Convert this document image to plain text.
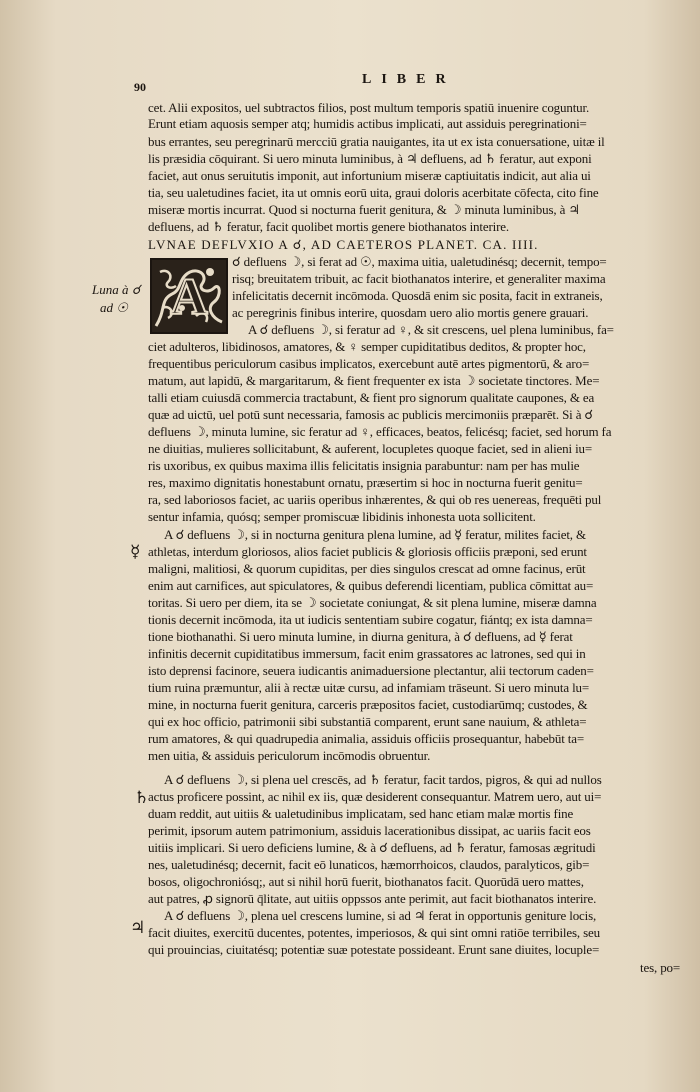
90	LIBER
A
Luna à ☌
ad ☉
☿
♄
♃
cet. Alii expositos, uel subtractos filios, post multum temporis spatiū inuenire coguntur.
Erunt etiam aquosis semper atq; humidis actibus implicati, aut assiduis peregrinationi=
bus errantes, seu peregrinarū mercciū gratia nauigantes, ita ut ex ista conuersatione, uitæ il
lis præsidia cōquirant. Si uero minuta luminibus, à ♃ defluens, ad ♄ feratur, aut exponi
faciet, aut onus seruitutis imponit, aut infortunium miseræ captiuitatis indicit, aut alia ui
tia, seu ualetudines faciet, ita ut omnis eorū uita, graui doloris acerbitate cōfecta, cito fine
miseræ mortis incurrat. Quod si nocturna fuerit genitura, & ☽ minuta luminibus, à ♃
defluens, ad ♄ feratur, facit quolibet mortis genere biothanatos interire.
LVNAE DEFLVXIO A ☌, AD CAETEROS PLANET. CA. IIII.
☌ defluens ☽, si ferat ad ☉, maxima uitia, ualetudinésq; decernit, tempo=
risq; breuitatem tribuit, ac facit biothanatos interire, et generaliter maxima
infelicitatis decernit incōmoda. Quosdā enim sic posita, facit in extraneis,
ac peregrinis finibus interire, quosdam uero alio mortis genere grauari.
A ☌ defluens ☽, si feratur ad ♀, & sit crescens, uel plena luminibus, fa=
ciet adulteros, libidinosos, amatores, & ♀ semper cupiditatibus deditos, & propter hoc,
frequentibus periculorum casibus implicatos, exercebunt autē artes pigmentorū, & aro=
matum, aut lapidū, & margaritarum, & fient frequenter ex ista ☽ societate tinctores. Me=
talli etiam cuiusdā commercia tractabunt, & fient pro signorum qualitate caupones, & ea
quæ ad uictū, uel potū sunt necessaria, famosis ac publicis mercimoniis præparēt. Si à ☌
defluens ☽, minuta lumine, sic feratur ad ♀, efficaces, beatos, felicésq; faciet, sed horum fa
ne diuitias, mulieres sollicitabunt, & auferent, locupletes quoque faciet, sed in alieni iu=
ris uxoribus, ex quibus maxima illis felicitatis insignia parabuntur: nam per has mulie
res, maximo dignitatis honestabunt ornatu, præsertim si hoc in nocturna fuerit genitu=
ra, sed laboriosos faciet, ac uariis operibus inhærentes, & qui ob res uenereas, frequēti pul
sentur infamia, quósq; semper promiscuæ libidinis inhonesta uota sollicitent.
A ☌ defluens ☽, si in nocturna genitura plena lumine, ad ☿ feratur, milites faciet, &
athletas, interdum gloriosos, alios faciet publicis & gloriosis officiis præponi, sed erunt
maligni, malitiosi, & quorum cupiditas, per dies singulos crescat ad omne facinus, erūt
enim aut carnifices, aut spiculatores, & quibus deferendi licentiam, publica cōmittat au=
toritas. Si uero per diem, ita se ☽ societate coniungat, & sit plena lumine, miseræ damna
tionis decernit incōmoda, ita ut iudicis sententiam subire cogatur, fiántq; ex ista damna=
tione biothanathi. Si uero minuta lumine, in diurna genitura, à ☌ defluens, ad ☿ ferat
infinitis decernit cupiditatibus immersum, facit enim grassatores ac latrones, sed qui in
isto deprensi facinore, seuera iudicantis animaduersione plectantur, alii tectorum caden=
tium ruina præmuntur, alii à rectæ uitæ cursu, ad infamiam trāseunt. Si uero minuta lu=
mine, in nocturna fuerit genitura, carceris præpositos faciet, custodiarūmq; custodes, &
qui ex hoc officio, patrimonii sibi substantiā comparent, erunt sane nauium, & athleta=
rum amatores, & qui quadrupedia animalia, assiduis officiis prosequantur, habebūt ta=
men uitia, & assiduis periculorum incōmodis obruentur.
A ☌ defluens ☽, si plena uel crescēs, ad ♄ feratur, facit tardos, pigros, & qui ad nullos
actus proficere possint, ac nihil ex iis, quæ desiderent consequantur. Matrem uero, aut ui=
duam reddit, aut uitiis & ualetudinibus implicatam, sed hanc etiam malæ mortis fine
perimit, ipsorum autem patrimonium, assiduis lacerationibus dissipat, ac uariis facit eos
uitiis implicari. Si uero deficiens lumine, & à ☌ defluens, ad ♄ feratur, famosas ægritudi
nes, ualetudinésq; decernit, facit eō lunaticos, hæmorrhoicos, claudos, paralyticos, gib=
bosos, oligochroniósq;, aut si nihil horū fuerit, biothanatos facit. Quorūdā uero mattes,
aut patres, ꝓ signorū q̄litate, aut uitiis oppssos ante perimit, aut facit biothanatos interire.
A ☌ defluens ☽, plena uel crescens lumine, si ad ♃ ferat in opportunis geniture locis,
facit diuites, exercitū ducentes, potentes, imperiosos, & qui sint omni ratiōe terribiles, seu
qui prouincias, ciuitatésq; potentiæ suæ potestate possideant. Erunt sane diuites, locuple=
tes, po=
